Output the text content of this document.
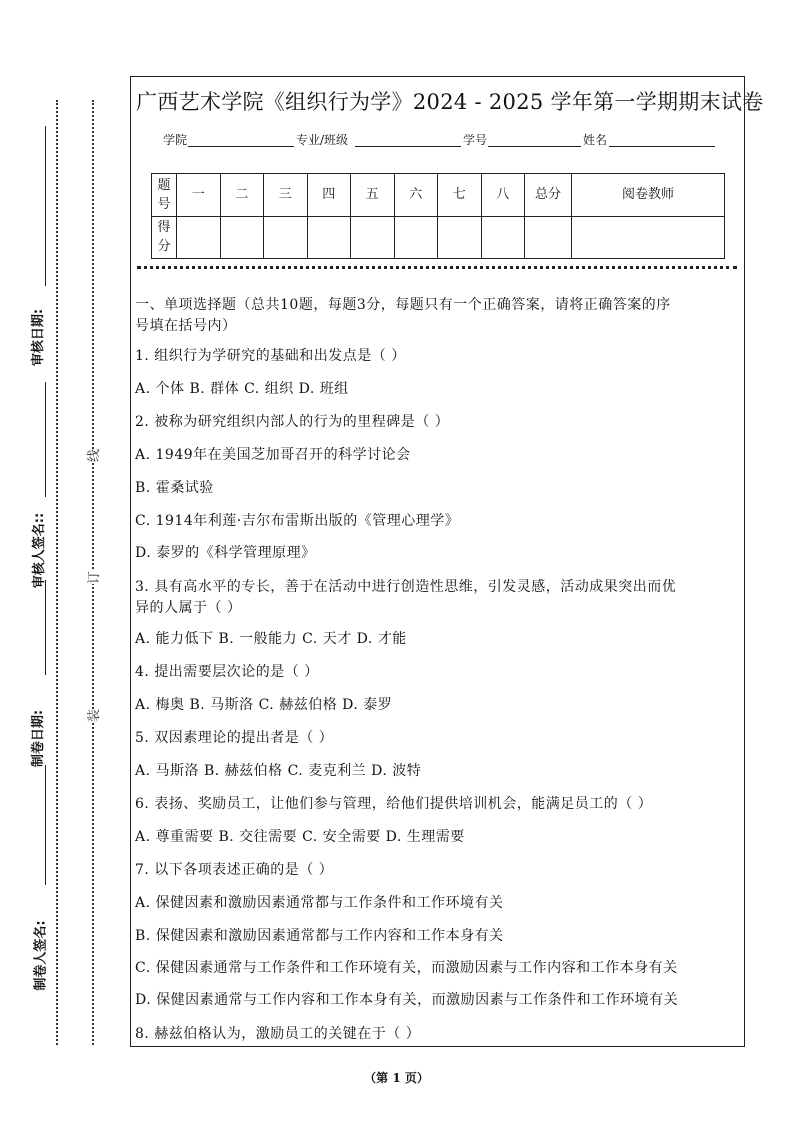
审核日期:
审核人签名::
制卷日期:
制卷人签名:
装
订
线
广西艺术学院《组织行为学》2024 - 2025 学年第一学期期末试卷
学院	专业/班级	学号	姓名
题号	一	二	三	四	五	六	七	八	总分	阅卷教师
得分										
一、单项选择题（总共10题，每题3分，每题只有一个正确答案，请将正确答案的序
号填在括号内）
1. 组织行为学研究的基础和出发点是（ ）
A. 个体 B. 群体 C. 组织 D. 班组
2. 被称为研究组织内部人的行为的里程碑是（ ）
A. 1949年在美国芝加哥召开的科学讨论会
B. 霍桑试验
C. 1914年利莲·吉尔布雷斯出版的《管理心理学》
D. 泰罗的《科学管理原理》
3. 具有高水平的专长，善于在活动中进行创造性思维，引发灵感，活动成果突出而优
异的人属于（ ）
A. 能力低下 B. 一般能力 C. 天才 D. 才能
4. 提出需要层次论的是（ ）
A. 梅奥 B. 马斯洛 C. 赫兹伯格 D. 泰罗
5. 双因素理论的提出者是（ ）
A. 马斯洛 B. 赫兹伯格 C. 麦克利兰 D. 波特
6. 表扬、奖励员工，让他们参与管理，给他们提供培训机会，能满足员工的（ ）
A. 尊重需要 B. 交往需要 C. 安全需要 D. 生理需要
7. 以下各项表述正确的是（ ）
A. 保健因素和激励因素通常都与工作条件和工作环境有关
B. 保健因素和激励因素通常都与工作内容和工作本身有关
C. 保健因素通常与工作条件和工作环境有关，而激励因素与工作内容和工作本身有关
D. 保健因素通常与工作内容和工作本身有关，而激励因素与工作条件和工作环境有关
8. 赫兹伯格认为，激励员工的关键在于（ ）
（第 1 页）
